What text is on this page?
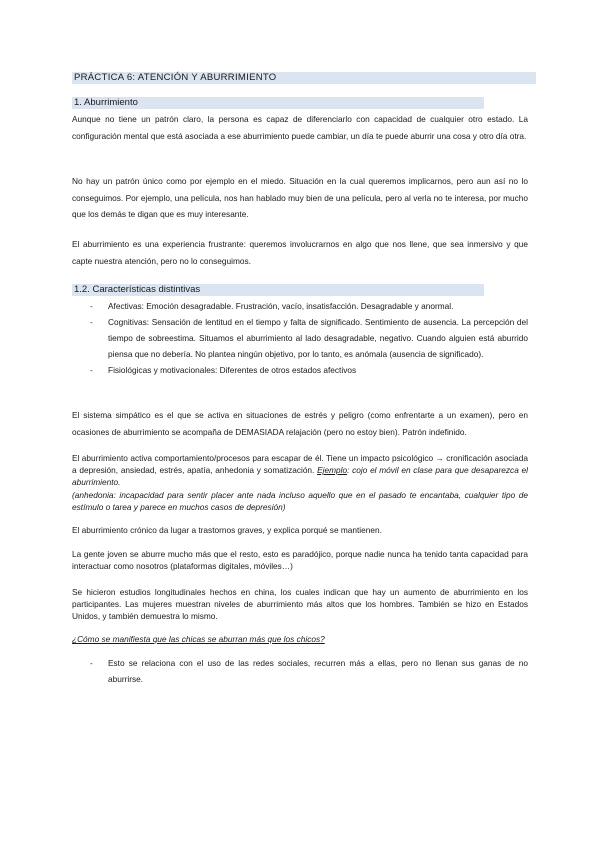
PRÁCTICA 6: ATENCIÓN Y ABURRIMIENTO
1. Aburrimiento

Aunque no tiene un patrón claro, la persona es capaz de diferenciarlo con capacidad de cualquier otro estado. La configuración mental que está asociada a ese aburrimiento puede cambiar, un día te puede aburrir una cosa y otro día otra.

No hay un patrón único como por ejemplo en el miedo. Situación en la cual queremos implicarnos, pero aun así no lo conseguimos. Por ejemplo, una película, nos han hablado muy bien de una película, pero al verla no te interesa, por mucho que los demás te digan que es muy interesante.

El aburrimiento es una experiencia frustrante: queremos involucrarnos en algo que nos llene, que sea inmersivo y que capte nuestra atención, pero no lo conseguimos.

1.2. Características distintivas
- Afectivas: Emoción desagradable. Frustración, vacío, insatisfacción. Desagradable y anormal.
- Cognitivas: Sensación de lentitud en el tiempo y falta de significado. Sentimiento de ausencia. La percepción del tiempo de sobreestima. Situamos el aburrimiento al lado desagradable, negativo. Cuando alguien está aburrido piensa que no debería. No plantea ningún objetivo, por lo tanto, es anómala (ausencia de significado).
- Fisiológicas y motivacionales: Diferentes de otros estados afectivos

El sistema simpático es el que se activa en situaciones de estrés y peligro (como enfrentarte a un examen), pero en ocasiones de aburrimiento se acompaña de DEMASIADA relajación (pero no estoy bien). Patrón indefinido.

El aburrimiento activa comportamiento/procesos para escapar de él. Tiene un impacto psicológico → cronificación asociada a depresión, ansiedad, estrés, apatía, anhedonia y somatización. Ejemplo: cojo el móvil en clase para que desaparezca el aburrimiento.
(anhedonia: incapacidad para sentir placer ante nada incluso aquello que en el pasado te encantaba, cualquier tipo de estímulo o tarea y parece en muchos casos de depresión)

El aburrimiento crónico da lugar a trastornos graves, y explica porqué se mantienen.

La gente joven se aburre mucho más que el resto, esto es paradójico, porque nadie nunca ha tenido tanta capacidad para interactuar como nosotros (plataformas digitales, móviles…)

Se hicieron estudios longitudinales hechos en china, los cuales indican que hay un aumento de aburrimiento en los participantes. Las mujeres muestran niveles de aburrimiento más altos que los hombres. También se hizo en Estados Unidos, y también demuestra lo mismo.

¿Cómo se manifiesta que las chicas se aburran más que los chicos?

- Esto se relaciona con el uso de las redes sociales, recurren más a ellas, pero no llenan sus ganas de no aburrirse.
